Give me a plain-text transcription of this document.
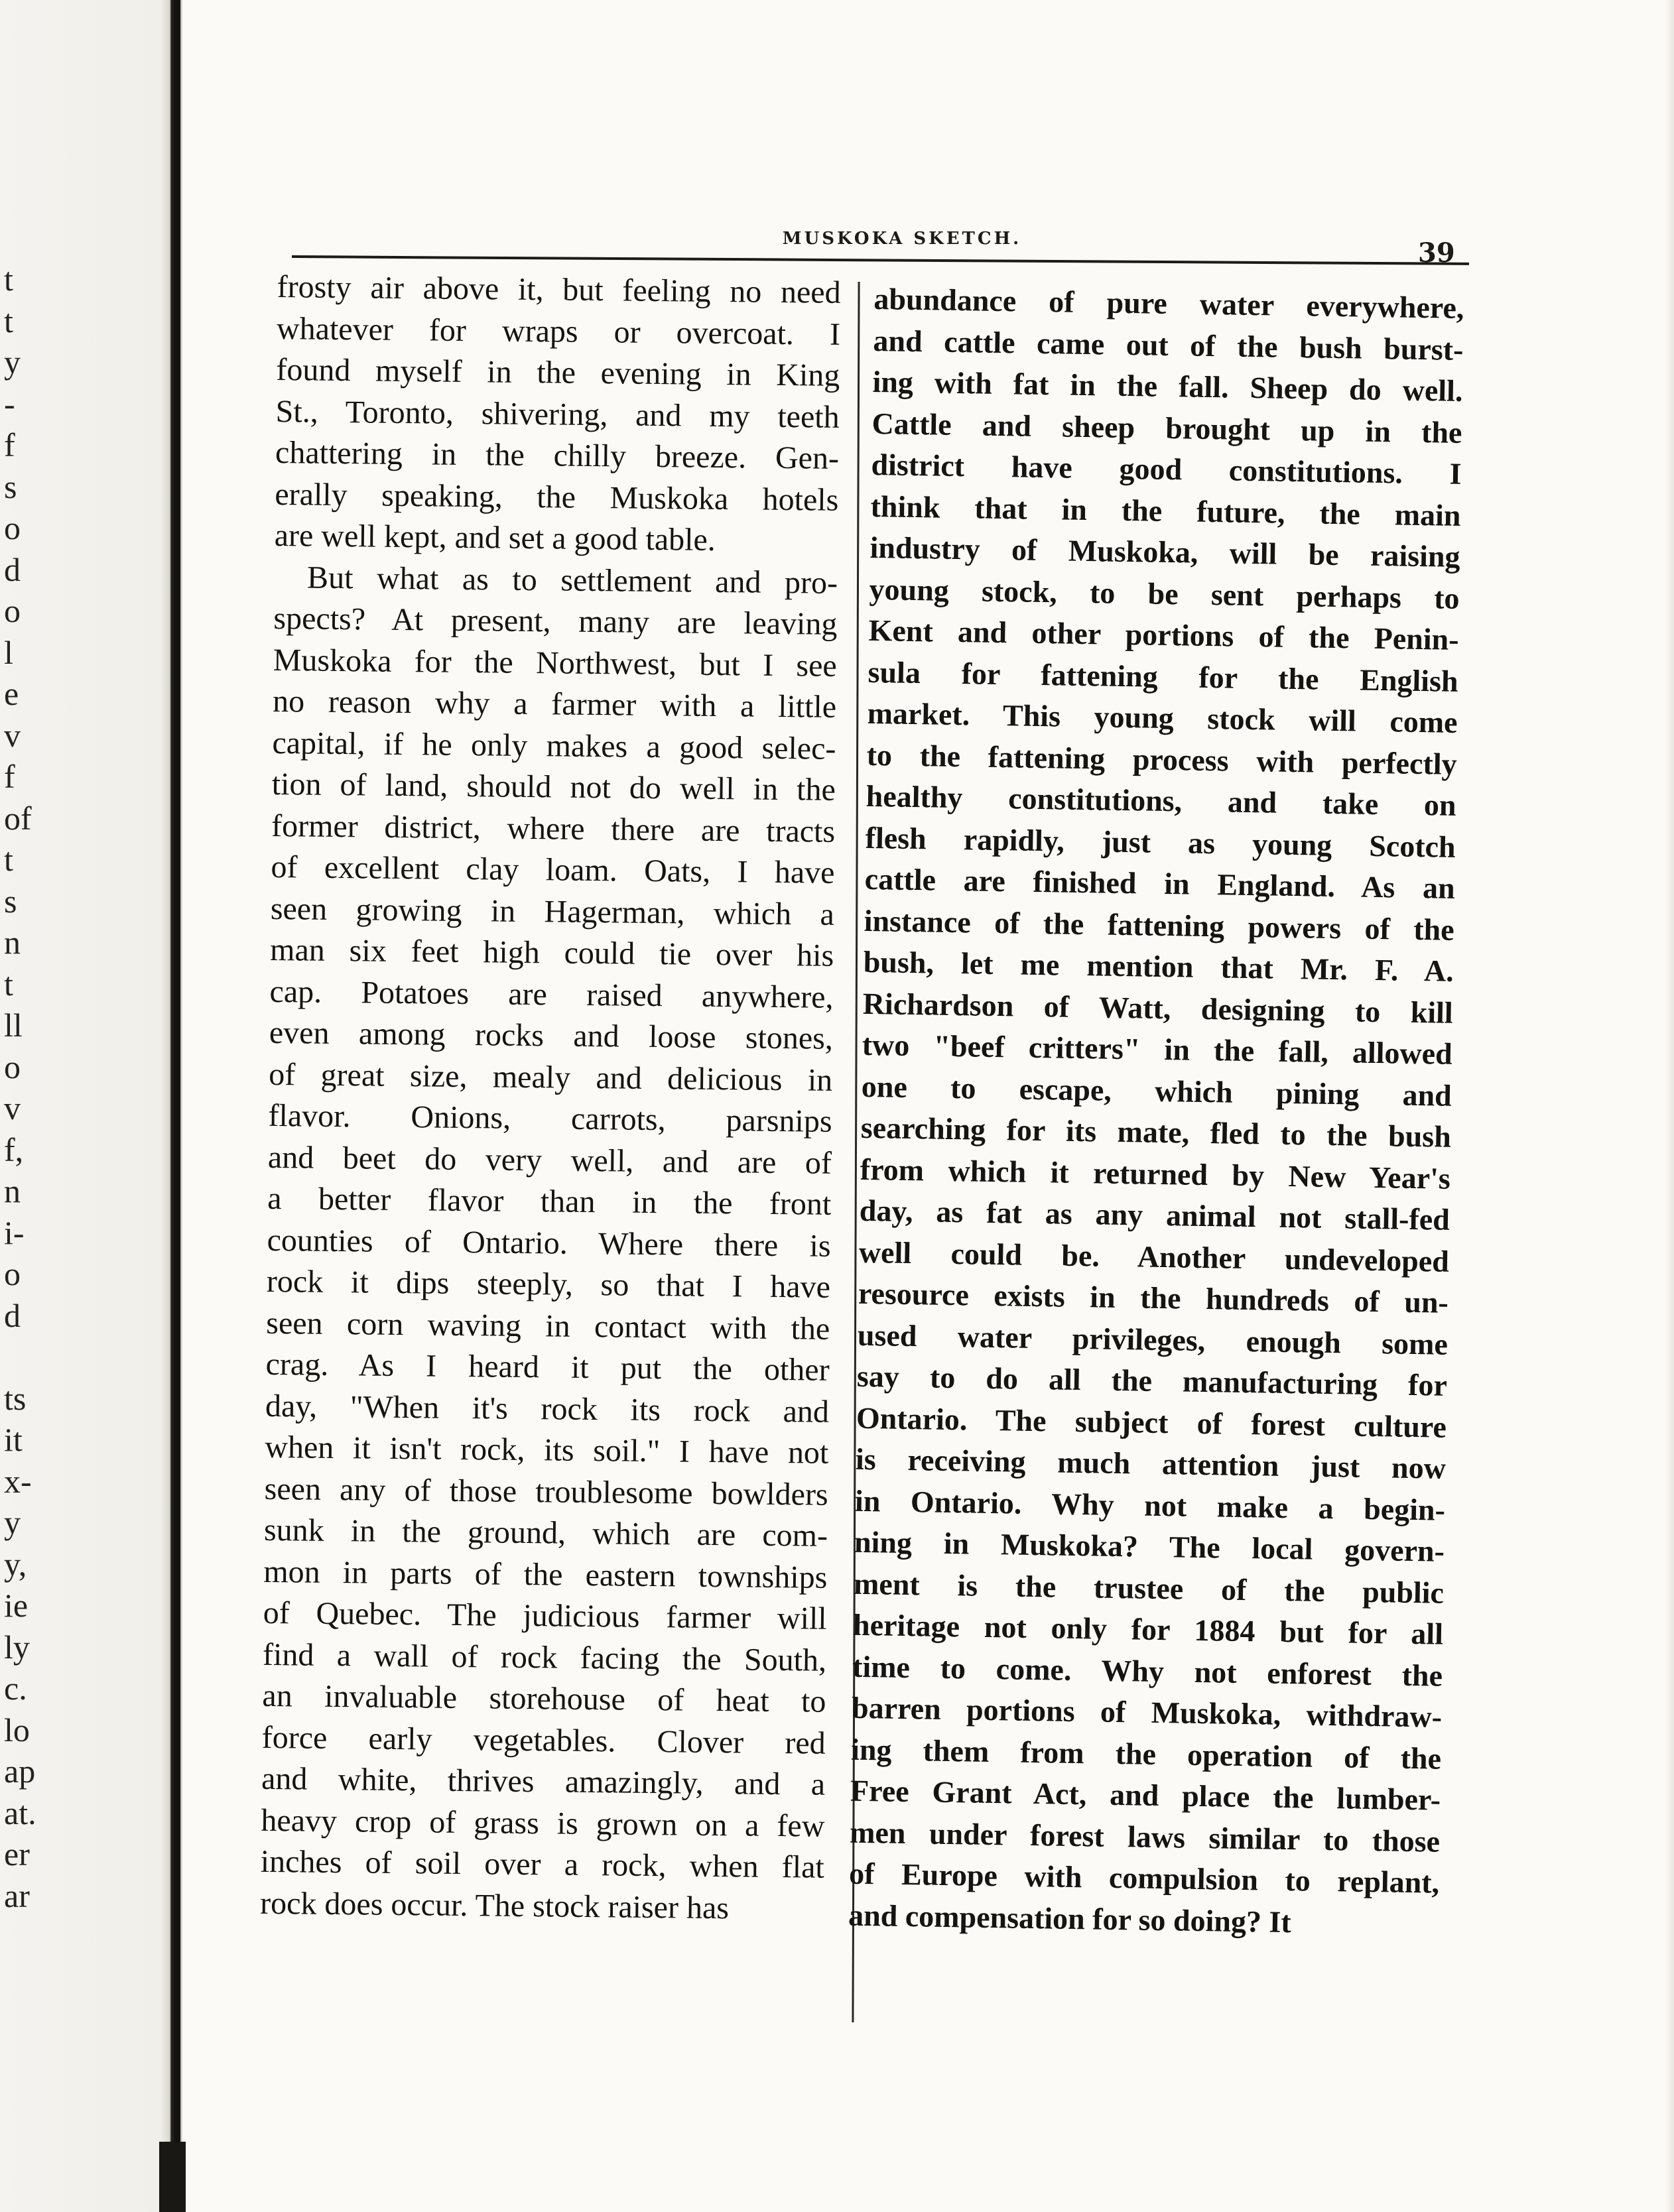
t
t
y
-
f
s
o
d
o
l
e
v
f
of
t
s
n
t
ll
o
v
f,
n
i-
o
d
ts
it
x-
y
y,
ie
ly
c.
lo
ap
at.
er
ar
MUSKOKA SKETCH.	39
frosty air above it, but feeling no need
whatever for wraps or overcoat. I
found myself in the evening in King
St., Toronto, shivering, and my teeth
chattering in the chilly breeze. Gen-
erally speaking, the Muskoka hotels
are well kept, and set a good table.
But what as to settlement and pro-
spects? At present, many are leaving
Muskoka for the Northwest, but I see
no reason why a farmer with a little
capital, if he only makes a good selec-
tion of land, should not do well in the
former district, where there are tracts
of excellent clay loam. Oats, I have
seen growing in Hagerman, which a
man six feet high could tie over his
cap. Potatoes are raised anywhere,
even among rocks and loose stones,
of great size, mealy and delicious in
flavor. Onions, carrots, parsnips
and beet do very well, and are of
a better flavor than in the front
counties of Ontario. Where there is
rock it dips steeply, so that I have
seen corn waving in contact with the
crag. As I heard it put the other
day, "When it's rock its rock and
when it isn't rock, its soil." I have not
seen any of those troublesome bowlders
sunk in the ground, which are com-
mon in parts of the eastern townships
of Quebec. The judicious farmer will
find a wall of rock facing the South,
an invaluable storehouse of heat to
force early vegetables. Clover red
and white, thrives amazingly, and a
heavy crop of grass is grown on a few
inches of soil over a rock, when flat
rock does occur. The stock raiser has
abundance of pure water everywhere,
and cattle came out of the bush burst-
ing with fat in the fall. Sheep do well.
Cattle and sheep brought up in the
district have good constitutions. I
think that in the future, the main
industry of Muskoka, will be raising
young stock, to be sent perhaps to
Kent and other portions of the Penin-
sula for fattening for the English
market. This young stock will come
to the fattening process with perfectly
healthy constitutions, and take on
flesh rapidly, just as young Scotch
cattle are finished in England. As an
instance of the fattening powers of the
bush, let me mention that Mr. F. A.
Richardson of Watt, designing to kill
two "beef critters" in the fall, allowed
one to escape, which pining and
searching for its mate, fled to the bush
from which it returned by New Year's
day, as fat as any animal not stall-fed
well could be. Another undeveloped
resource exists in the hundreds of un-
used water privileges, enough some
say to do all the manufacturing for
Ontario. The subject of forest culture
is receiving much attention just now
in Ontario. Why not make a begin-
ning in Muskoka? The local govern-
ment is the trustee of the public
heritage not only for 1884 but for all
time to come. Why not enforest the
barren portions of Muskoka, withdraw-
ing them from the operation of the
Free Grant Act, and place the lumber-
men under forest laws similar to those
of Europe with compulsion to replant,
and compensation for so doing? It
